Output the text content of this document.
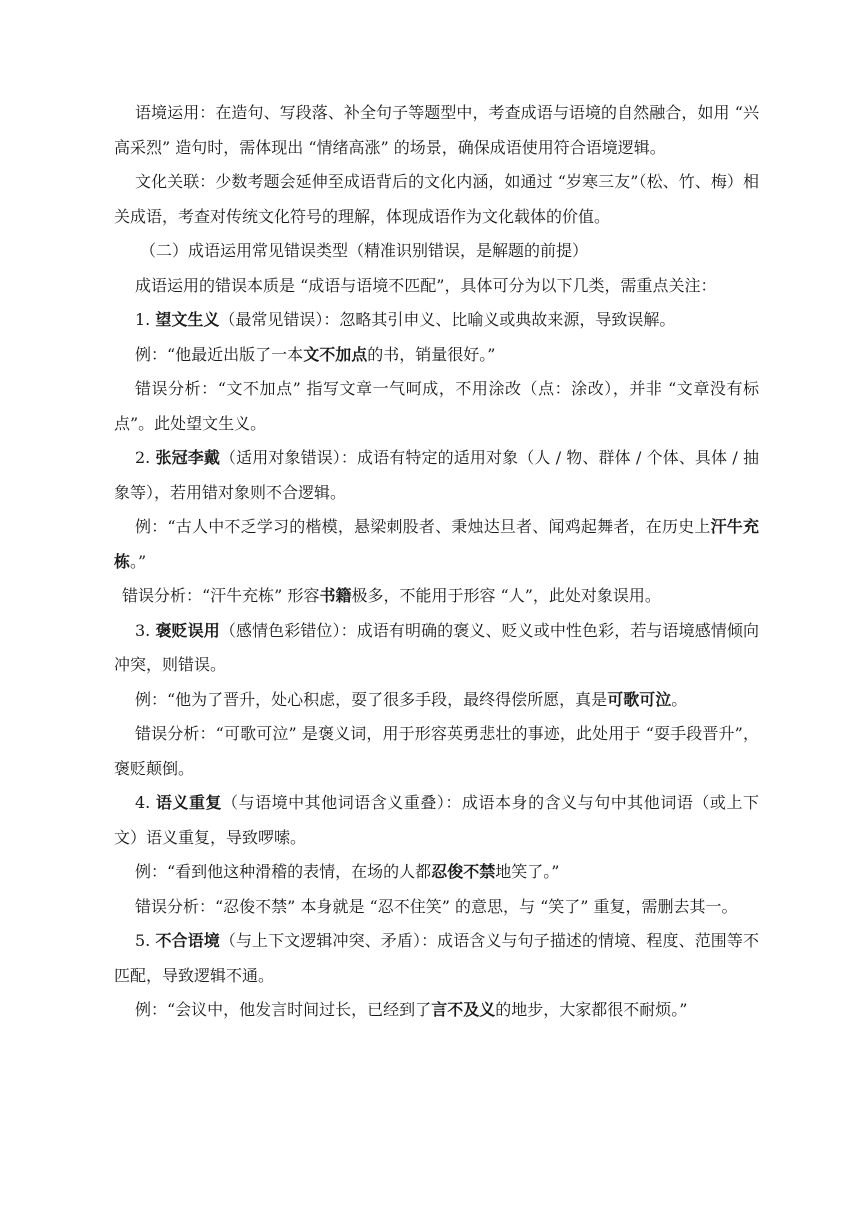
语境运用：在造句、写段落、补全句子等题型中，考查成语与语境的自然融合，如用 “兴高采烈” 造句时，需体现出 “情绪高涨” 的场景，确保成语使用符合语境逻辑。

文化关联：少数考题会延伸至成语背后的文化内涵，如通过 “岁寒三友”（松、竹、梅）相关成语，考查对传统文化符号的理解，体现成语作为文化载体的价值。

（二）成语运用常见错误类型（精准识别错误，是解题的前提）

成语运用的错误本质是 “成语与语境不匹配”，具体可分为以下几类，需重点关注：

1. 望文生义（最常见错误）：忽略其引申义、比喻义或典故来源，导致误解。

例：“他最近出版了一本文不加点的书，销量很好。”

错误分析：“文不加点” 指写文章一气呵成，不用涂改（点：涂改），并非 “文章没有标点”。此处望文生义。

2. 张冠李戴（适用对象错误）：成语有特定的适用对象（人 / 物、群体 / 个体、具体 / 抽象等），若用错对象则不合逻辑。

例：“古人中不乏学习的楷模，悬梁刺股者、秉烛达旦者、闻鸡起舞者，在历史上汗牛充栋。”

错误分析：“汗牛充栋” 形容书籍极多，不能用于形容 “人”，此处对象误用。

3. 褒贬误用（感情色彩错位）：成语有明确的褒义、贬义或中性色彩，若与语境感情倾向冲突，则错误。

例：“他为了晋升，处心积虑，耍了很多手段，最终得偿所愿，真是可歌可泣。

错误分析：“可歌可泣” 是褒义词，用于形容英勇悲壮的事迹，此处用于 “耍手段晋升”，褒贬颠倒。

4. 语义重复（与语境中其他词语含义重叠）：成语本身的含义与句中其他词语（或上下文）语义重复，导致啰嗦。

例：“看到他这种滑稽的表情，在场的人都忍俊不禁地笑了。”

错误分析：“忍俊不禁” 本身就是 “忍不住笑” 的意思，与 “笑了” 重复，需删去其一。

5. 不合语境（与上下文逻辑冲突、矛盾）：成语含义与句子描述的情境、程度、范围等不匹配，导致逻辑不通。

例：“会议中，他发言时间过长，已经到了言不及义的地步，大家都很不耐烦。”
